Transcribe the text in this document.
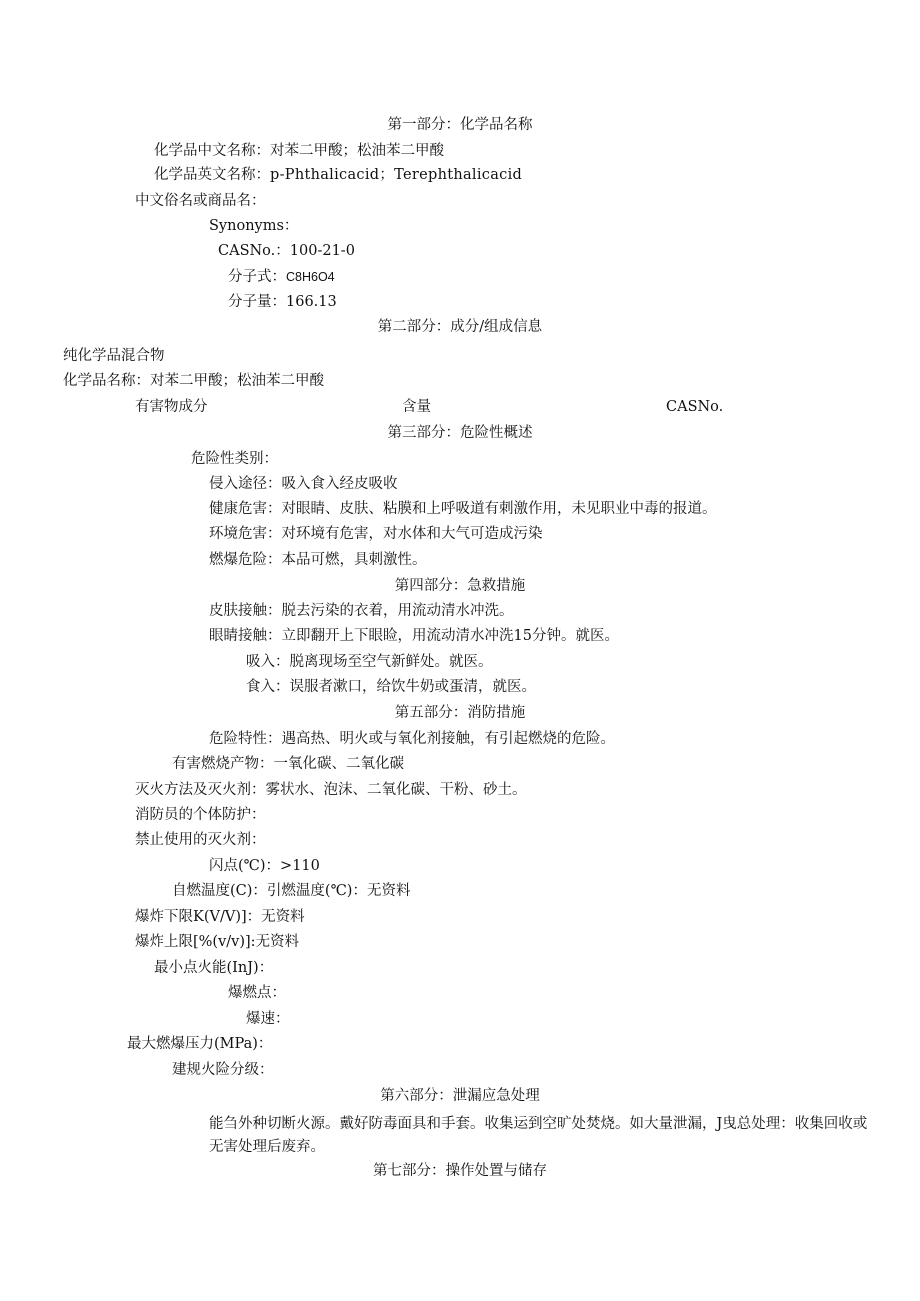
第一部分：化学品名称
化学品中文名称：对苯二甲酸；松油苯二甲酸
化学品英文名称：p-Phthalicacid；Terephthalicacid
中文俗名或商品名：
Synonyms：
CASNo.：100-21-0
分子式：C8H6O4
分子量：166.13
第二部分：成分/组成信息
纯化学品混合物
化学品名称：对苯二甲酸；松油苯二甲酸
有害物成分	含量	CASNo.
第三部分：危险性概述
危险性类别：
侵入途径：吸入食入经皮吸收
健康危害：对眼睛、皮肤、粘膜和上呼吸道有刺激作用，未见职业中毒的报道。
环境危害：对环境有危害，对水体和大气可造成污染
燃爆危险：本品可燃，具刺激性。
第四部分：急救措施
皮肤接触：脱去污染的衣着，用流动清水冲洗。
眼睛接触：立即翻开上下眼睑，用流动清水冲洗15分钟。就医。
吸入：脱离现场至空气新鲜处。就医。
食入：误服者漱口，给饮牛奶或蛋清，就医。
第五部分：消防措施
危险特性：遇高热、明火或与氧化剂接触，有引起燃烧的危险。
有害燃烧产物：一氧化碳、二氧化碳
灭火方法及灭火剂：雾状水、泡沫、二氧化碳、干粉、砂土。
消防员的个体防护：
禁止使用的灭火剂：
闪点(℃)：>110
自燃温度(C)：引燃温度(℃)：无资料
爆炸下限K(V/V)]：无资料
爆炸上限[%(v/v)]:无资料
最小点火能(InJ)：
爆燃点：
爆速：
最大燃爆压力(MPa)：
建规火险分级：
第六部分：泄漏应急处理
能刍外种切断火源。戴好防毒面具和手套。收集运到空旷处焚烧。如大量泄漏，J曳总处理：收集回收或无害处理后废弃。
第七部分：操作处置与储存
